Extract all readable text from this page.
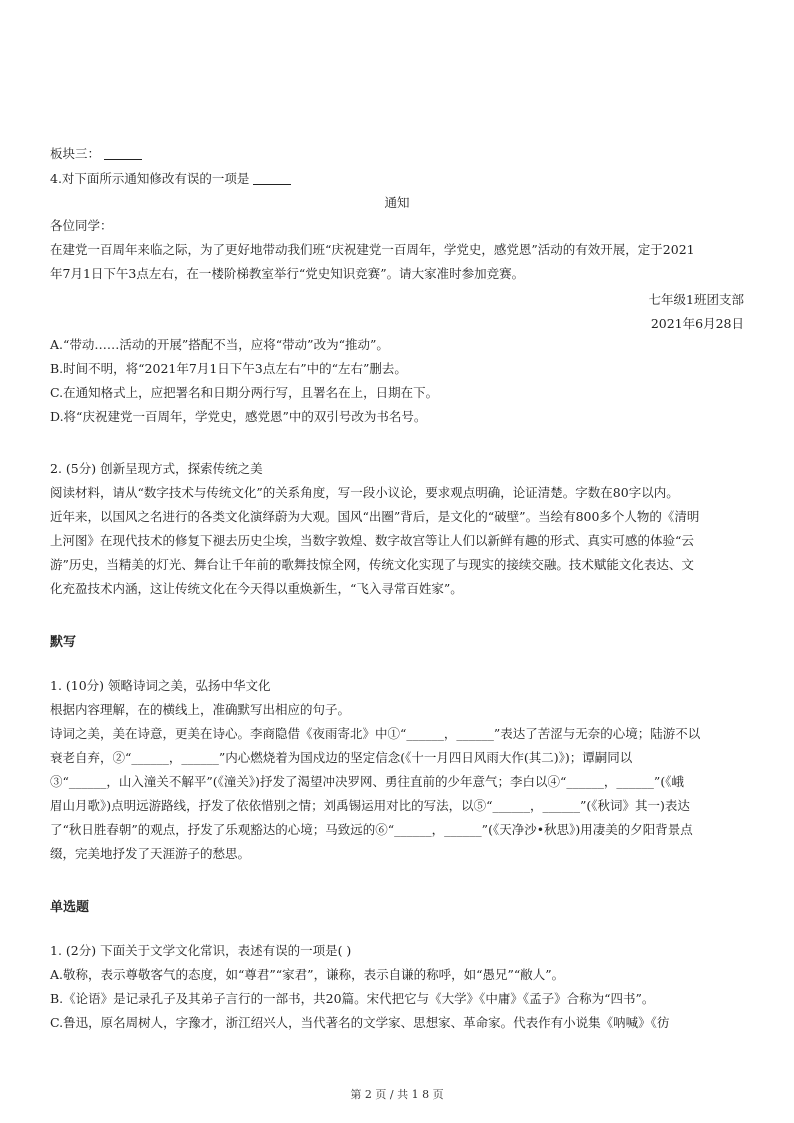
板块三：
4.对下面所示通知修改有误的一项是
通知
各位同学：
在建党一百周年来临之际，为了更好地带动我们班“庆祝建党一百周年，学党史，感党恩”活动的有效开展，定于2021
年7月1日下午3点左右，在一楼阶梯教室举行“党史知识竞赛”。请大家准时参加竞赛。
七年级1班团支部
2021年6月28日
A.“带动……活动的开展”搭配不当，应将“带动”改为“推动”。
B.时间不明，将“2021年7月1日下午3点左右”中的“左右”删去。
C.在通知格式上，应把署名和日期分两行写，且署名在上，日期在下。
D.将“庆祝建党一百周年，学党史，感党恩”中的双引号改为书名号。
2. (5分) 创新呈现方式，探索传统之美
阅读材料，请从“数字技术与传统文化”的关系角度，写一段小议论，要求观点明确，论证清楚。字数在80字以内。
近年来，以国风之名进行的各类文化演绎蔚为大观。国风“出圈”背后，是文化的“破壁”。当绘有800多个人物的《清明
上河图》在现代技术的修复下褪去历史尘埃，当数字敦煌、数字故宫等让人们以新鲜有趣的形式、真实可感的体验“云
游”历史，当精美的灯光、舞台让千年前的歌舞技惊全网，传统文化实现了与现实的接续交融。技术赋能文化表达、文
化充盈技术内涵，这让传统文化在今天得以重焕新生，“飞入寻常百姓家”。
默写
1. (10分) 领略诗词之美，弘扬中华文化
根据内容理解，在的横线上，准确默写出相应的句子。
诗词之美，美在诗意，更美在诗心。李商隐借《夜雨寄北》中①“______，______”表达了苦涩与无奈的心境；陆游不以
衰老自弃，②“______，______”内心燃烧着为国戍边的坚定信念(《十一月四日风雨大作(其二)》)；谭嗣同以
③“______，山入潼关不解平”(《潼关》)抒发了渴望冲决罗网、勇往直前的少年意气；李白以④“______，______”(《峨
眉山月歌》)点明远游路线，抒发了依依惜别之情；刘禹锡运用对比的写法，以⑤“______，______”(《秋词》其一)表达
了“秋日胜春朝”的观点，抒发了乐观豁达的心境；马致远的⑥“______，______”(《天净沙•秋思》)用凄美的夕阳背景点
缀，完美地抒发了天涯游子的愁思。
单选题
1. (2分) 下面关于文学文化常识，表述有误的一项是( )
A.敬称，表示尊敬客气的态度，如“尊君”“家君”，谦称，表示自谦的称呼，如“愚兄”“敝人”。
B.《论语》是记录孔子及其弟子言行的一部书，共20篇。宋代把它与《大学》《中庸》《孟子》合称为“四书”。
C.鲁迅，原名周树人，字豫才，浙江绍兴人，当代著名的文学家、思想家、革命家。代表作有小说集《呐喊》《彷
第 2 页 / 共 1 8 页
